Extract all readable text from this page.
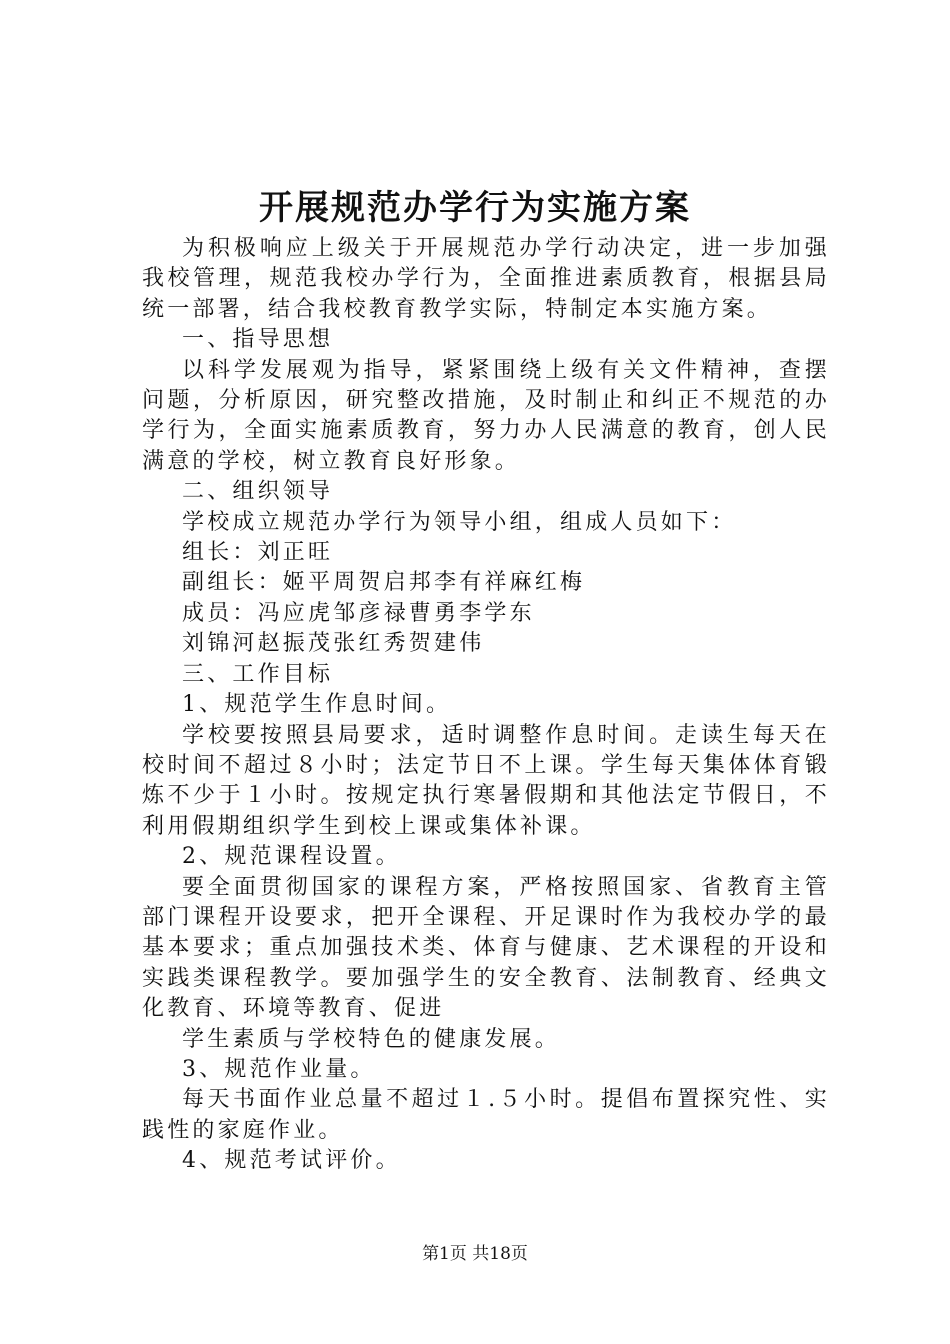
开展规范办学行为实施方案

为积极响应上级关于开展规范办学行动决定，进一步加强我校管理，规范我校办学行为，全面推进素质教育，根据县局统一部署，结合我校教育教学实际，特制定本实施方案。

一、指导思想

以科学发展观为指导，紧紧围绕上级有关文件精神，查摆问题，分析原因，研究整改措施，及时制止和纠正不规范的办学行为，全面实施素质教育，努力办人民满意的教育，创人民满意的学校，树立教育良好形象。

二、组织领导

学校成立规范办学行为领导小组，组成人员如下：

组长：刘正旺

副组长：姬平周贺启邦李有祥麻红梅

成员：冯应虎邹彦禄曹勇李学东

刘锦河赵振茂张红秀贺建伟

三、工作目标

1、规范学生作息时间。

学校要按照县局要求，适时调整作息时间。走读生每天在校时间不超过８小时；法定节日不上课。学生每天集体体育锻炼不少于１小时。按规定执行寒暑假期和其他法定节假日，不利用假期组织学生到校上课或集体补课。

2、规范课程设置。

要全面贯彻国家的课程方案，严格按照国家、省教育主管部门课程开设要求，把开全课程、开足课时作为我校办学的最基本要求；重点加强技术类、体育与健康、艺术课程的开设和实践类课程教学。要加强学生的安全教育、法制教育、经典文化教育、环境等教育、促进

学生素质与学校特色的健康发展。

3、规范作业量。

每天书面作业总量不超过１.５小时。提倡布置探究性、实践性的家庭作业。

4、规范考试评价。

第1页 共18页
